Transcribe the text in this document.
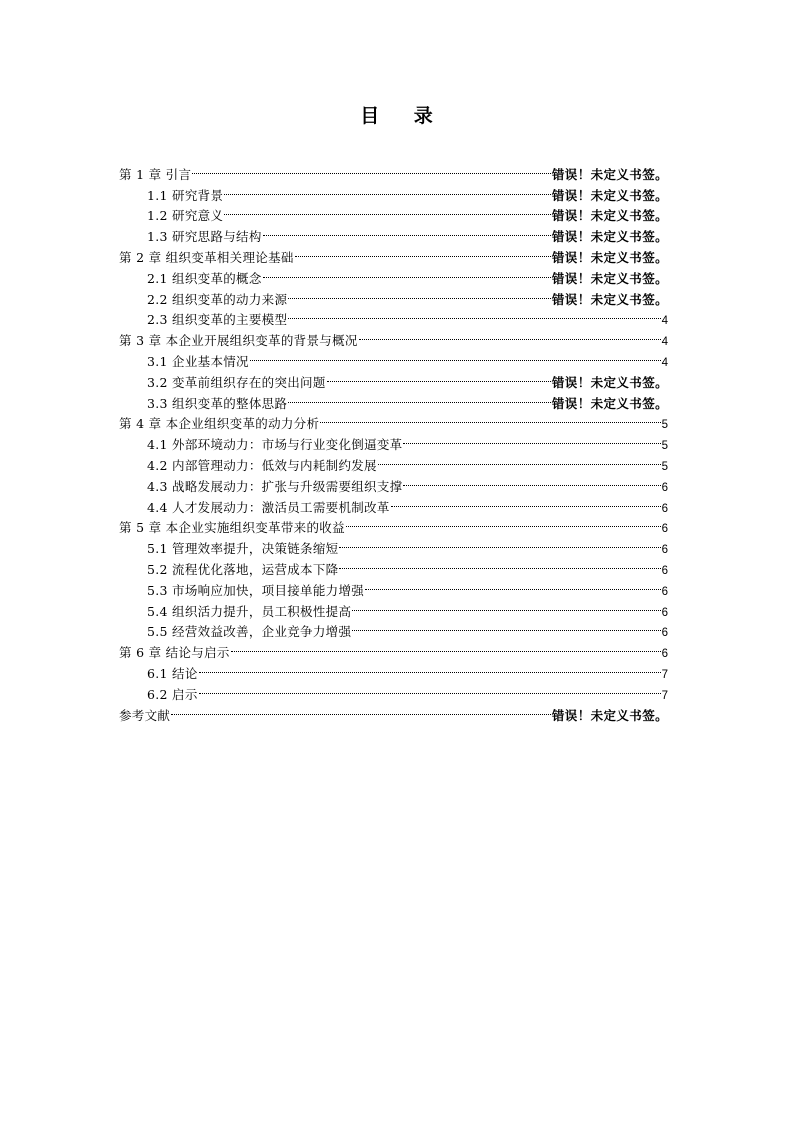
目 录
第 1 章 引言	错误！未定义书签。
1.1 研究背景	错误！未定义书签。
1.2 研究意义	错误！未定义书签。
1.3 研究思路与结构	错误！未定义书签。
第 2 章 组织变革相关理论基础	错误！未定义书签。
2.1 组织变革的概念	错误！未定义书签。
2.2 组织变革的动力来源	错误！未定义书签。
2.3 组织变革的主要模型	4
第 3 章 本企业开展组织变革的背景与概况	4
3.1 企业基本情况	4
3.2 变革前组织存在的突出问题	错误！未定义书签。
3.3 组织变革的整体思路	错误！未定义书签。
第 4 章 本企业组织变革的动力分析	5
4.1 外部环境动力：市场与行业变化倒逼变革	5
4.2 内部管理动力：低效与内耗制约发展	5
4.3 战略发展动力：扩张与升级需要组织支撑	6
4.4 人才发展动力：激活员工需要机制改革	6
第 5 章 本企业实施组织变革带来的收益	6
5.1 管理效率提升，决策链条缩短	6
5.2 流程优化落地，运营成本下降	6
5.3 市场响应加快，项目接单能力增强	6
5.4 组织活力提升，员工积极性提高	6
5.5 经营效益改善，企业竞争力增强	6
第 6 章 结论与启示	6
6.1 结论	7
6.2 启示	7
参考文献	错误！未定义书签。
